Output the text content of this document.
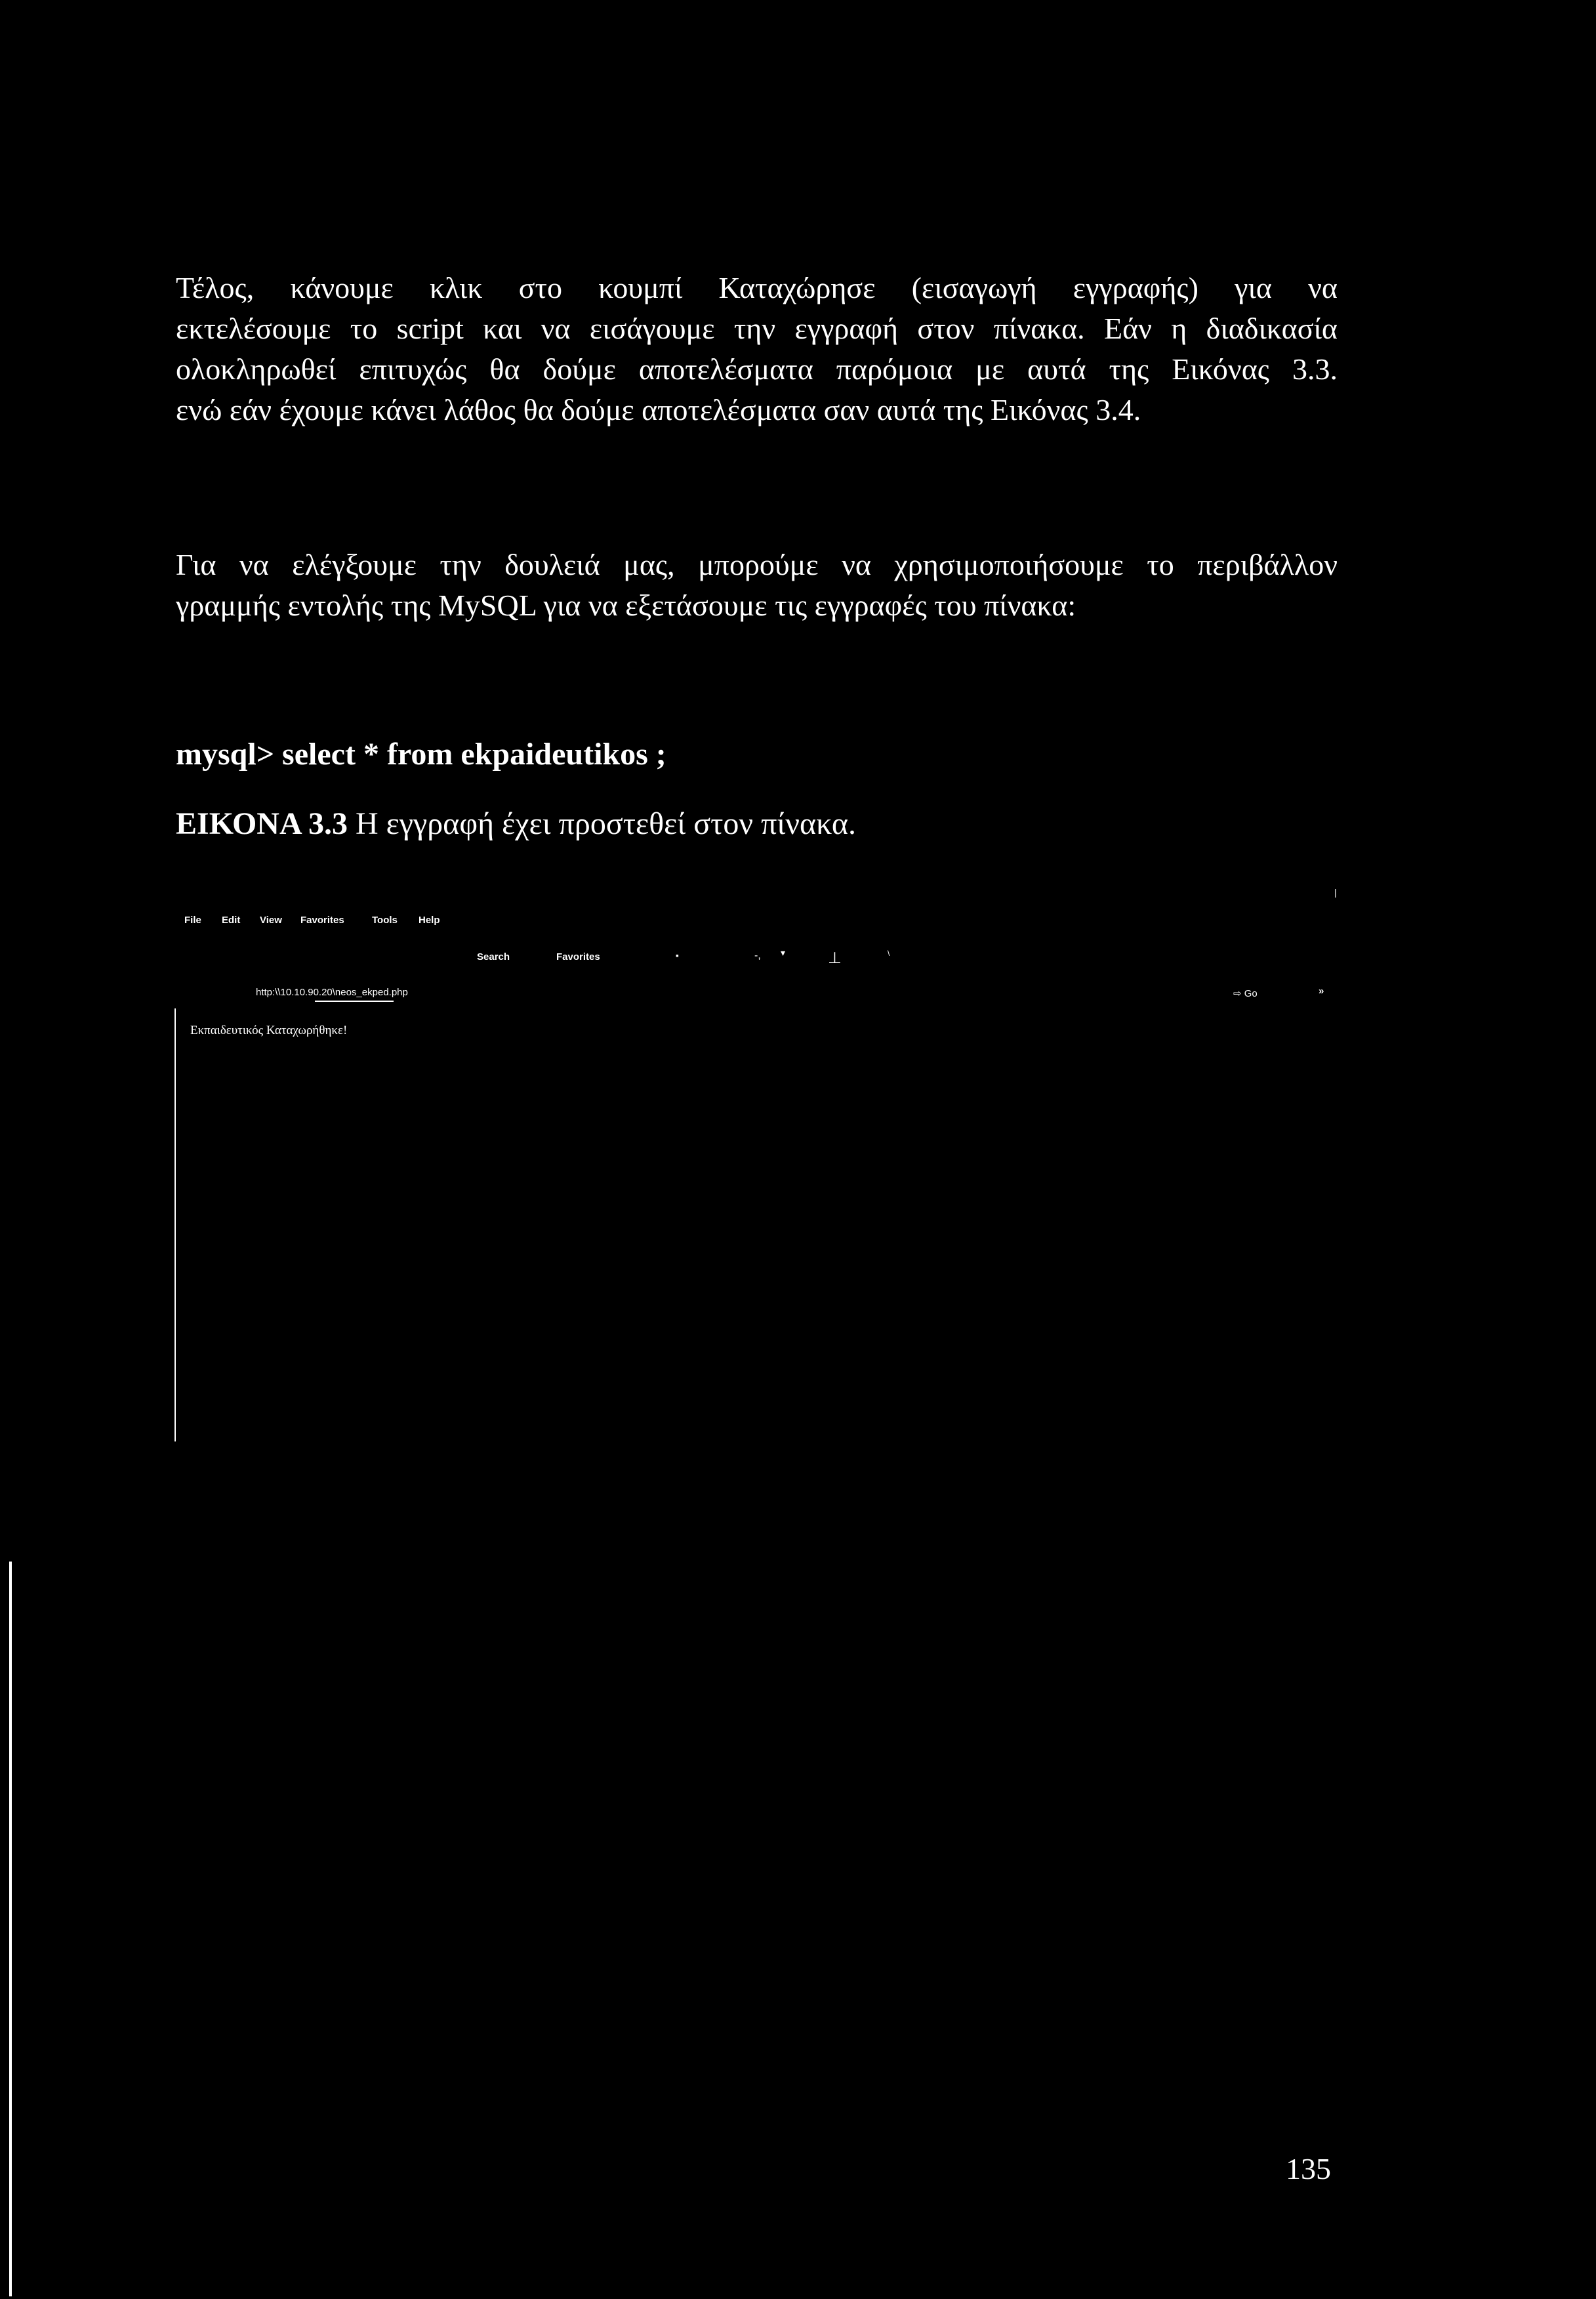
Τέλος, κάνουμε κλικ στο κουμπί Καταχώρησε (εισαγωγή εγγραφής) για να
εκτελέσουμε το script και να εισάγουμε την εγγραφή στον πίνακα. Εάν η διαδικασία
ολοκληρωθεί επιτυχώς θα δούμε αποτελέσματα παρόμοια με αυτά της Εικόνας 3.3.
ενώ εάν έχουμε κάνει λάθος θα δούμε αποτελέσματα σαν αυτά της Εικόνας 3.4.
Για να ελέγξουμε την δουλειά μας, μπορούμε να χρησιμοποιήσουμε το περιβάλλον
γραμμής εντολής της MySQL για να εξετάσουμε τις εγγραφές του πίνακα:
mysql> select * from ekpaideutikos ;
ΕΙΚΟΝΑ 3.3 Η εγγραφή έχει προστεθεί στον πίνακα.
File Edit View Favorites	Tools Help
Search	Favorites	▪	‐, ▾	⊥	\
|
http:\\10.10.90.20\neos_ekped.php	⇨ Go	»
Εκπαιδευτικός Καταχωρήθηκε!
135
